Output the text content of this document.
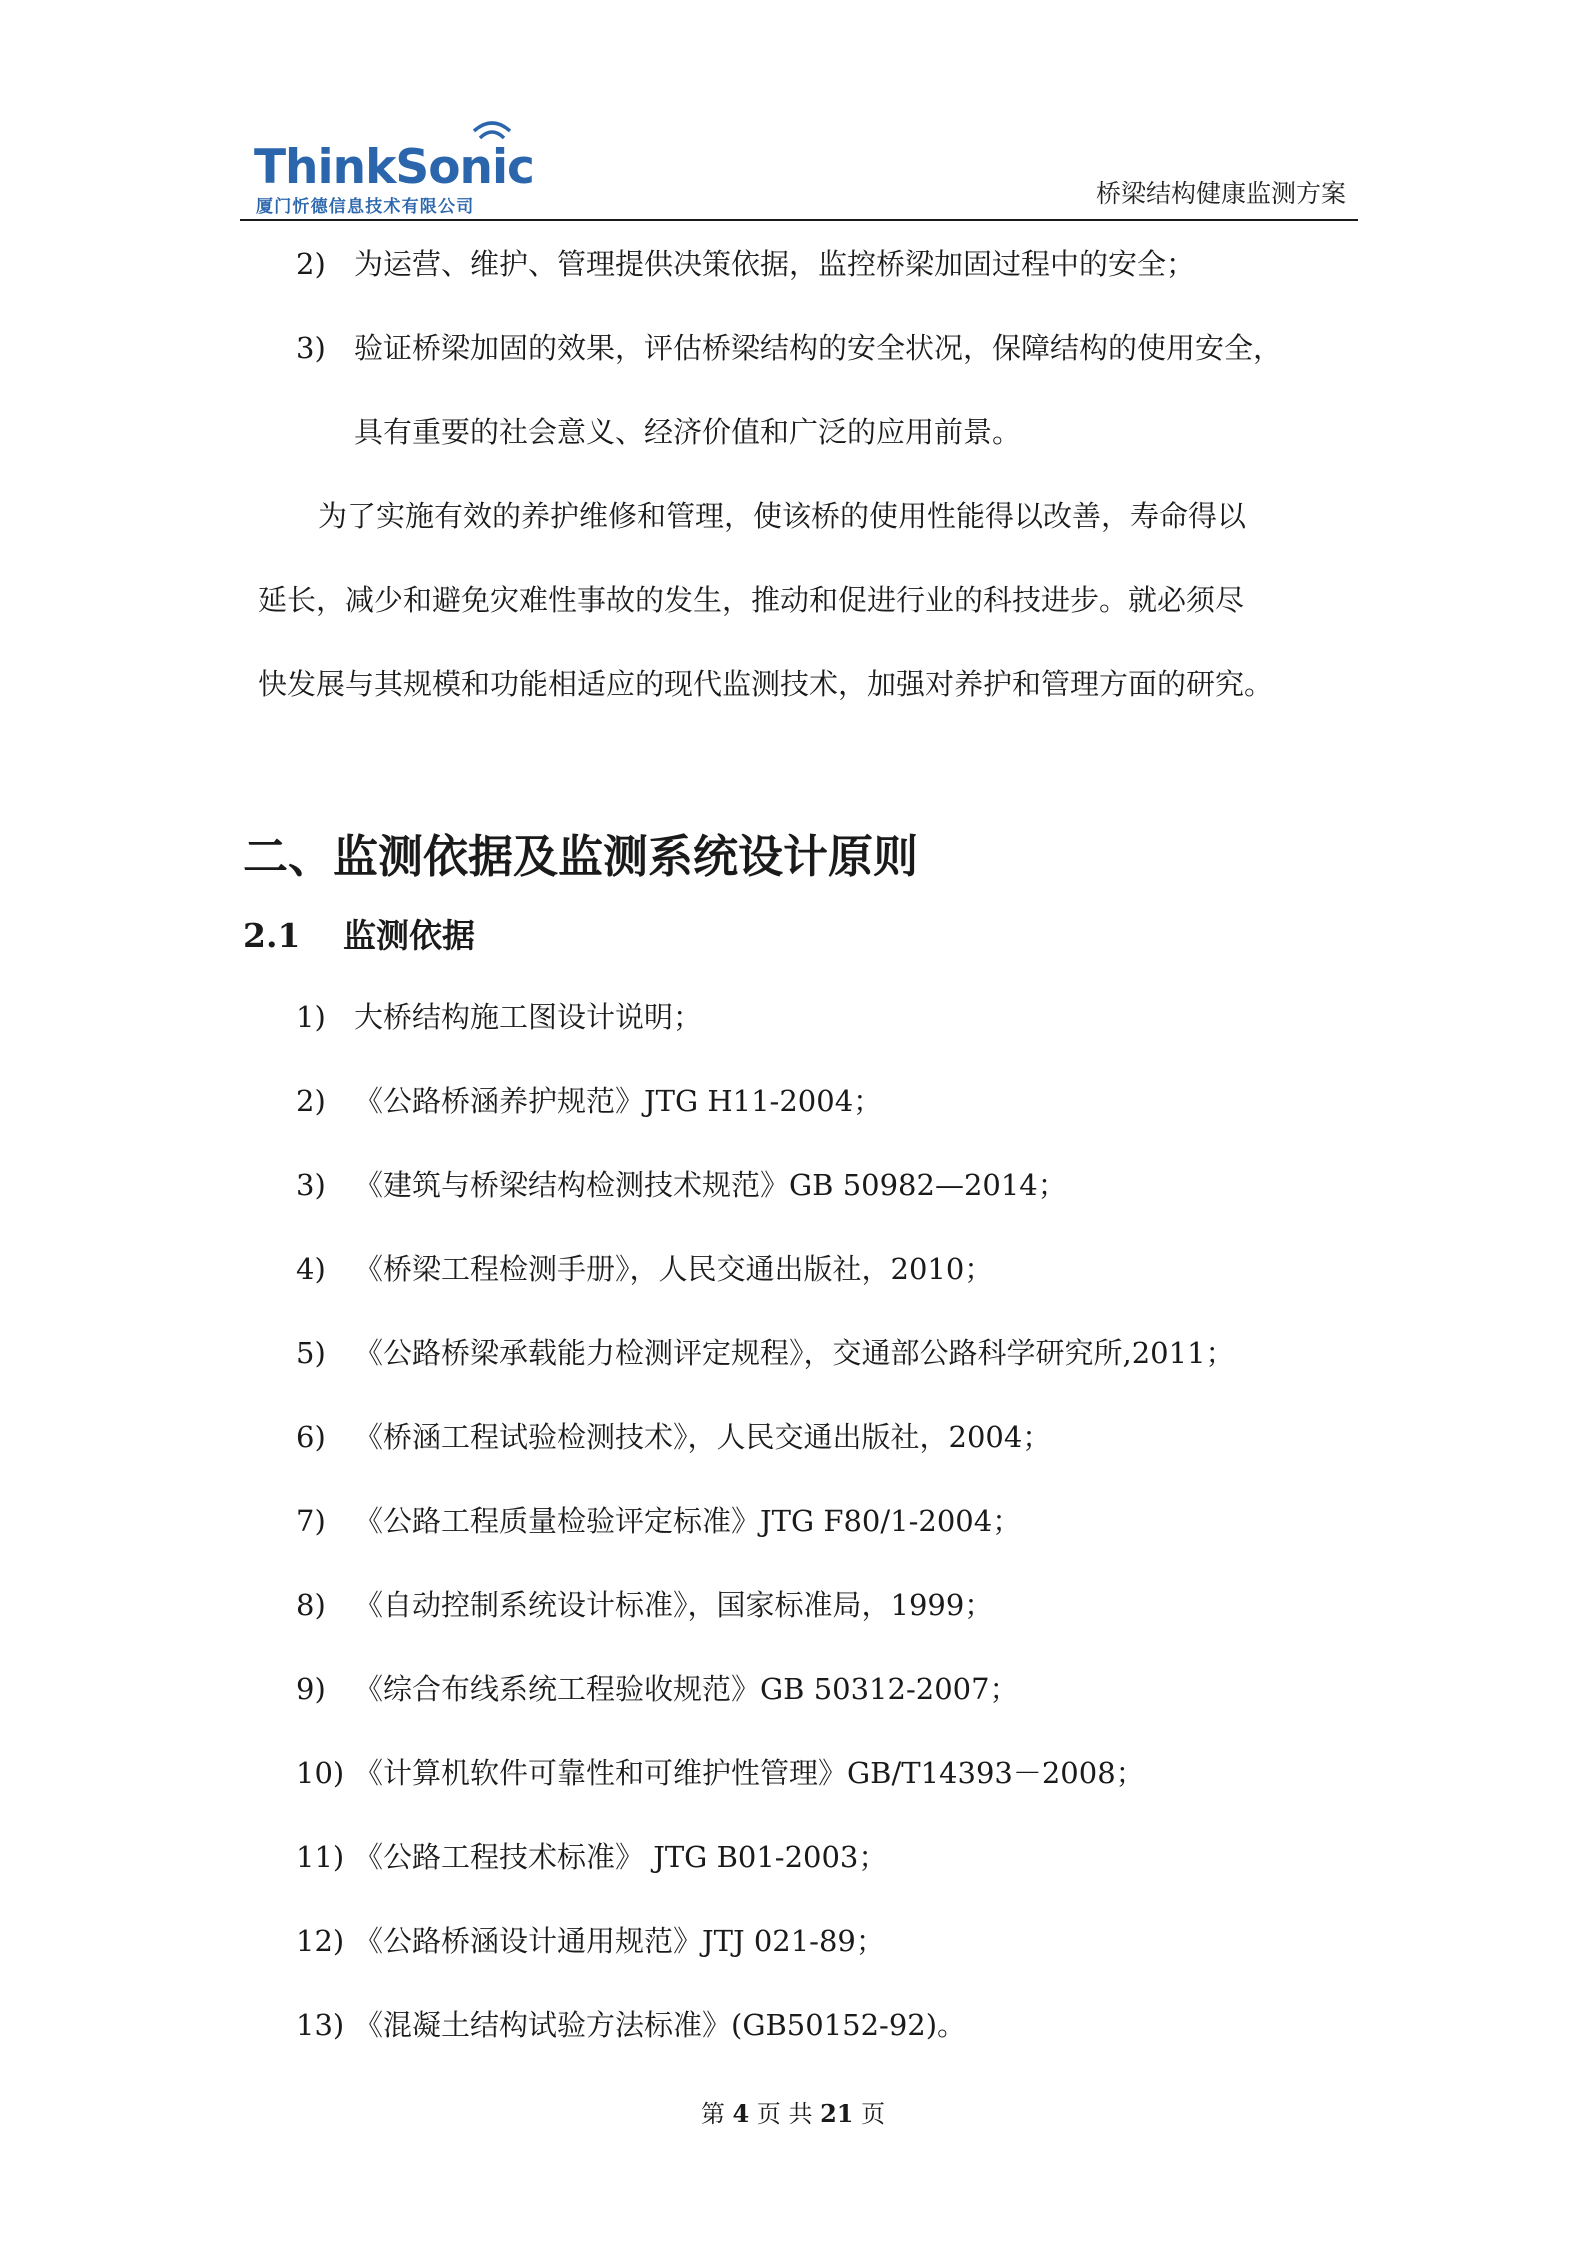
ThinkSonic
厦门忻德信息技术有限公司	桥梁结构健康监测方案
2) 为运营、维护、管理提供决策依据，监控桥梁加固过程中的安全；
3) 验证桥梁加固的效果，评估桥梁结构的安全状况，保障结构的使用安全，
具有重要的社会意义、经济价值和广泛的应用前景。
为了实施有效的养护维修和管理，使该桥的使用性能得以改善，寿命得以
延长，减少和避免灾难性事故的发生，推动和促进行业的科技进步。就必须尽
快发展与其规模和功能相适应的现代监测技术，加强对养护和管理方面的研究。
二、监测依据及监测系统设计原则
2.1 监测依据
1) 大桥结构施工图设计说明；
2) 《公路桥涵养护规范》JTG H11-2004；
3) 《建筑与桥梁结构检测技术规范》GB 50982—2014；
4) 《桥梁工程检测手册》，人民交通出版社，2010；
5) 《公路桥梁承载能力检测评定规程》，交通部公路科学研究所,2011；
6) 《桥涵工程试验检测技术》，人民交通出版社，2004；
7) 《公路工程质量检验评定标准》JTG F80/1-2004；
8) 《自动控制系统设计标准》，国家标准局，1999；
9) 《综合布线系统工程验收规范》GB 50312-2007；
10) 《计算机软件可靠性和可维护性管理》GB/T14393－2008；
11) 《公路工程技术标准》 JTG B01-2003；
12) 《公路桥涵设计通用规范》JTJ 021-89；
13) 《混凝土结构试验方法标准》(GB50152-92)。
第 4 页 共 21 页
